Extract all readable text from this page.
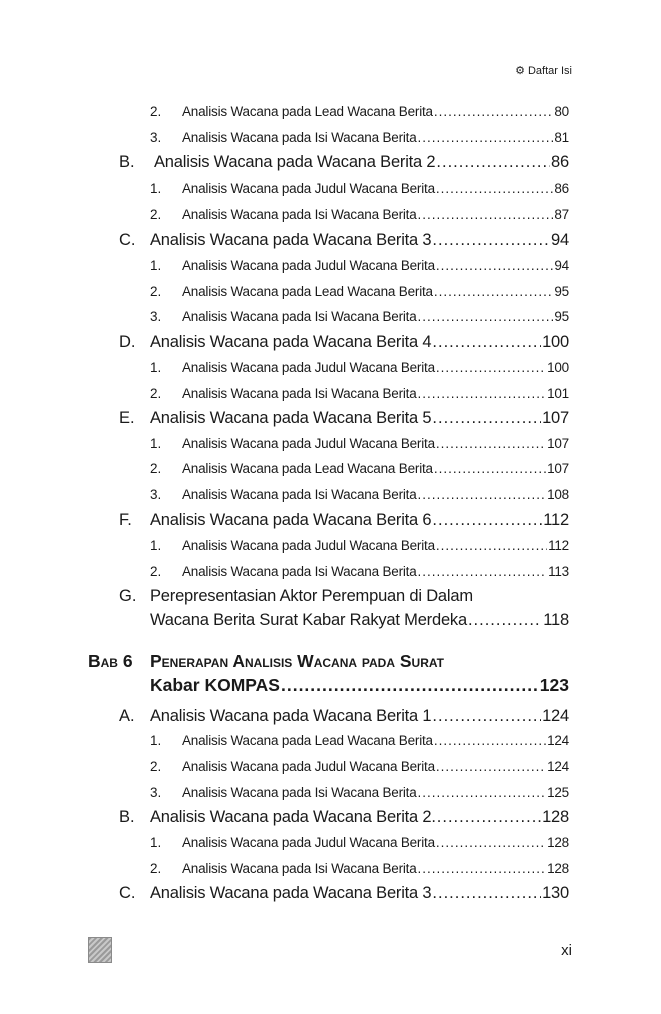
⚙ Daftar Isi
2.	Analisis Wacana pada Lead Wacana Berita .....	80
3.	Analisis Wacana pada Isi Wacana Berita .....	81
B.	Analisis Wacana pada Wacana Berita 2 .....	86
1.	Analisis Wacana pada Judul Wacana Berita .....	86
2.	Analisis Wacana pada Isi Wacana Berita .....	87
C. Analisis Wacana pada Wacana Berita 3 .....	94
1.	Analisis Wacana pada Judul Wacana Berita .....	94
2.	Analisis Wacana pada Lead Wacana Berita .....	95
3.	Analisis Wacana pada Isi Wacana Berita .....	95
D. Analisis Wacana pada Wacana Berita 4 .....	100
1.	Analisis Wacana pada Judul Wacana Berita .....	100
2.	Analisis Wacana pada Isi Wacana Berita .....	101
E. Analisis Wacana pada Wacana Berita 5 .....	107
1.	Analisis Wacana pada Judul Wacana Berita .....	107
2.	Analisis Wacana pada Lead Wacana Berita .....	107
3.	Analisis Wacana pada Isi Wacana Berita .....	108
F.	Analisis Wacana pada Wacana Berita 6 .....	112
1.	Analisis Wacana pada Judul Wacana Berita .....	112
2.	Analisis Wacana pada Isi Wacana Berita .....	113
G. Perepresentasian Aktor Perempuan di Dalam
Wacana Berita Surat Kabar Rakyat Merdeka .....	118
Bab 6 Penerapan Analisis Wacana pada Surat
Kabar KOMPAS .....	123
A. Analisis Wacana pada Wacana Berita 1 .....	124
1.	Analisis Wacana pada Lead Wacana Berita .....	124
2.	Analisis Wacana pada Judul Wacana Berita .....	124
3.	Analisis Wacana pada Isi Wacana Berita .....	125
B. Analisis Wacana pada Wacana Berita 2. .....	128
1.	Analisis Wacana pada Judul Wacana Berita .....	128
2.	Analisis Wacana pada Isi Wacana Berita .....	128
C. Analisis Wacana pada Wacana Berita 3 .....	130
xi
